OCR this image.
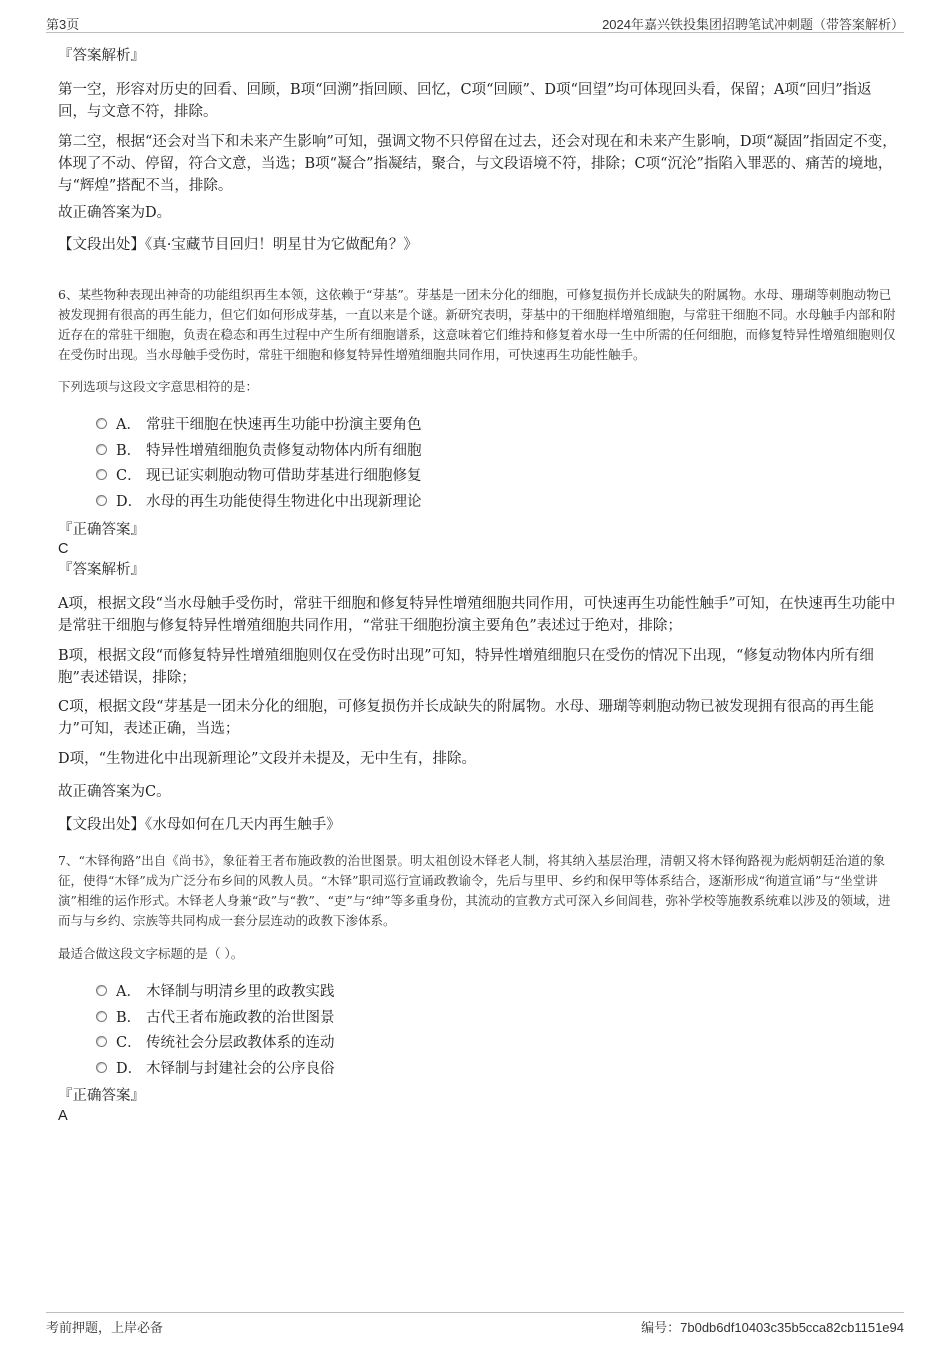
第3页	2024年嘉兴铁投集团招聘笔试冲刺题（带答案解析）
『答案解析』
第一空，形容对历史的回看、回顾，B项“回溯”指回顾、回忆，C项“回顾”、D项“回望”均可体现回头看，保留；A项“回归”指返回，与文意不符，排除。
第二空，根据“还会对当下和未来产生影响”可知，强调文物不只停留在过去，还会对现在和未来产生影响，D项“凝固”指固定不变，体现了不动、停留，符合文意，当选；B项“凝合”指凝结，聚合，与文段语境不符，排除；C项“沉沦”指陷入罪恶的、痛苦的境地，与“辉煌”搭配不当，排除。
故正确答案为D。
【文段出处】《真·宝藏节目回归！明星甘为它做配角？》
6、某些物种表现出神奇的功能组织再生本领，这依赖于“芽基”。芽基是一团未分化的细胞，可修复损伤并长成缺失的附属物。水母、珊瑚等刺胞动物已被发现拥有很高的再生能力，但它们如何形成芽基，一直以来是个谜。新研究表明，芽基中的干细胞样增殖细胞，与常驻干细胞不同。水母触手内部和附近存在的常驻干细胞，负责在稳态和再生过程中产生所有细胞谱系，这意味着它们维持和修复着水母一生中所需的任何细胞，而修复特异性增殖细胞则仅在受伤时出现。当水母触手受伤时，常驻干细胞和修复特异性增殖细胞共同作用，可快速再生功能性触手。
下列选项与这段文字意思相符的是：
A． 常驻干细胞在快速再生功能中扮演主要角色
B． 特异性增殖细胞负责修复动物体内所有细胞
C． 现已证实刺胞动物可借助芽基进行细胞修复
D． 水母的再生功能使得生物进化中出现新理论
『正确答案』
C
『答案解析』
A项，根据文段“当水母触手受伤时，常驻干细胞和修复特异性增殖细胞共同作用，可快速再生功能性触手”可知，在快速再生功能中是常驻干细胞与修复特异性增殖细胞共同作用，“常驻干细胞扮演主要角色”表述过于绝对，排除；
B项，根据文段“而修复特异性增殖细胞则仅在受伤时出现”可知，特异性增殖细胞只在受伤的情况下出现，“修复动物体内所有细胞”表述错误，排除；
C项，根据文段“芽基是一团未分化的细胞，可修复损伤并长成缺失的附属物。水母、珊瑚等刺胞动物已被发现拥有很高的再生能力”可知，表述正确，当选；
D项，“生物进化中出现新理论”文段并未提及，无中生有，排除。
故正确答案为C。
【文段出处】《水母如何在几天内再生触手》
7、“木铎徇路”出自《尚书》，象征着王者布施政教的治世图景。明太祖创设木铎老人制，将其纳入基层治理，清朝又将木铎徇路视为彪炳朝廷治道的象征，使得“木铎”成为广泛分布乡间的风教人员。“木铎”职司巡行宣诵政教谕令，先后与里甲、乡约和保甲等体系结合，逐渐形成“徇道宣诵”与“坐堂讲演”相维的运作形式。木铎老人身兼“政”与“教”、“吏”与“绅”等多重身份，其流动的宣教方式可深入乡间闾巷，弥补学校等施教系统难以涉及的领域，进而与与乡约、宗族等共同构成一套分层连动的政教下渗体系。
最适合做这段文字标题的是（ ）。
A． 木铎制与明清乡里的政教实践
B． 古代王者布施政教的治世图景
C． 传统社会分层政教体系的连动
D． 木铎制与封建社会的公序良俗
『正确答案』
A
考前押题，上岸必备	编号：7b0db6df10403c35b5cca82cb1151e94
